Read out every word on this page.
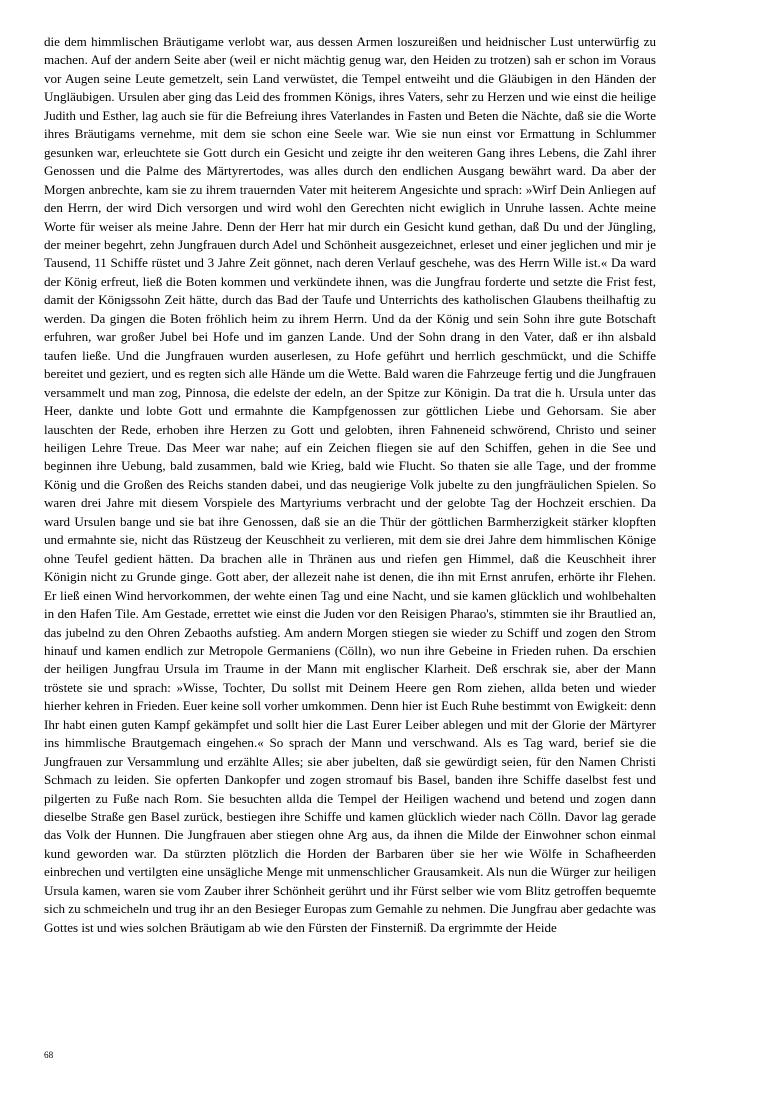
die dem himmlischen Bräutigame verlobt war, aus dessen Armen loszureißen und heidnischer Lust unterwürfig zu machen. Auf der andern Seite aber (weil er nicht mächtig genug war, den Heiden zu trotzen) sah er schon im Voraus vor Augen seine Leute gemetzelt, sein Land verwüstet, die Tempel entweiht und die Gläubigen in den Händen der Ungläubigen. Ursulen aber ging das Leid des frommen Königs, ihres Vaters, sehr zu Herzen und wie einst die heilige Judith und Esther, lag auch sie für die Befreiung ihres Vaterlandes in Fasten und Beten die Nächte, daß sie die Worte ihres Bräutigams vernehme, mit dem sie schon eine Seele war. Wie sie nun einst vor Ermattung in Schlummer gesunken war, erleuchtete sie Gott durch ein Gesicht und zeigte ihr den weiteren Gang ihres Lebens, die Zahl ihrer Genossen und die Palme des Märtyrertodes, was alles durch den endlichen Ausgang bewährt ward. Da aber der Morgen anbrechte, kam sie zu ihrem trauernden Vater mit heiterem Angesichte und sprach: »Wirf Dein Anliegen auf den Herrn, der wird Dich versorgen und wird wohl den Gerechten nicht ewiglich in Unruhe lassen. Achte meine Worte für weiser als meine Jahre. Denn der Herr hat mir durch ein Gesicht kund gethan, daß Du und der Jüngling, der meiner begehrt, zehn Jungfrauen durch Adel und Schönheit ausgezeichnet, erleset und einer jeglichen und mir je Tausend, 11 Schiffe rüstet und 3 Jahre Zeit gönnet, nach deren Verlauf geschehe, was des Herrn Wille ist.« Da ward der König erfreut, ließ die Boten kommen und verkündete ihnen, was die Jungfrau forderte und setzte die Frist fest, damit der Königssohn Zeit hätte, durch das Bad der Taufe und Unterrichts des katholischen Glaubens theilhaftig zu werden. Da gingen die Boten fröhlich heim zu ihrem Herrn. Und da der König und sein Sohn ihre gute Botschaft erfuhren, war großer Jubel bei Hofe und im ganzen Lande. Und der Sohn drang in den Vater, daß er ihn alsbald taufen ließe. Und die Jungfrauen wurden auserlesen, zu Hofe geführt und herrlich geschmückt, und die Schiffe bereitet und geziert, und es regten sich alle Hände um die Wette. Bald waren die Fahrzeuge fertig und die Jungfrauen versammelt und man zog, Pinnosa, die edelste der edeln, an der Spitze zur Königin. Da trat die h. Ursula unter das Heer, dankte und lobte Gott und ermahnte die Kampfgenossen zur göttlichen Liebe und Gehorsam. Sie aber lauschten der Rede, erhoben ihre Herzen zu Gott und gelobten, ihren Fahneneid schwörend, Christo und seiner heiligen Lehre Treue. Das Meer war nahe; auf ein Zeichen fliegen sie auf den Schiffen, gehen in die See und beginnen ihre Uebung, bald zusammen, bald wie Krieg, bald wie Flucht. So thaten sie alle Tage, und der fromme König und die Großen des Reichs standen dabei, und das neugierige Volk jubelte zu den jungfräulichen Spielen. So waren drei Jahre mit diesem Vorspiele des Martyriums verbracht und der gelobte Tag der Hochzeit erschien. Da ward Ursulen bange und sie bat ihre Genossen, daß sie an die Thür der göttlichen Barmherzigkeit stärker klopften und ermahnte sie, nicht das Rüstzeug der Keuschheit zu verlieren, mit dem sie drei Jahre dem himmlischen Könige ohne Teufel gedient hätten. Da brachen alle in Thränen aus und riefen gen Himmel, daß die Keuschheit ihrer Königin nicht zu Grunde ginge. Gott aber, der allezeit nahe ist denen, die ihn mit Ernst anrufen, erhörte ihr Flehen. Er ließ einen Wind hervorkommen, der wehte einen Tag und eine Nacht, und sie kamen glücklich und wohlbehalten in den Hafen Tile. Am Gestade, errettet wie einst die Juden vor den Reisigen Pharao's, stimmten sie ihr Brautlied an, das jubelnd zu den Ohren Zebaoths aufstieg. Am andern Morgen stiegen sie wieder zu Schiff und zogen den Strom hinauf und kamen endlich zur Metropole Germaniens (Cölln), wo nun ihre Gebeine in Frieden ruhen. Da erschien der heiligen Jungfrau Ursula im Traume in der Mann mit englischer Klarheit. Deß erschrak sie, aber der Mann tröstete sie und sprach: »Wisse, Tochter, Du sollst mit Deinem Heere gen Rom ziehen, allda beten und wieder hierher kehren in Frieden. Euer keine soll vorher umkommen. Denn hier ist Euch Ruhe bestimmt von Ewigkeit: denn Ihr habt einen guten Kampf gekämpfet und sollt hier die Last Eurer Leiber ablegen und mit der Glorie der Märtyrer ins himmlische Brautgemach eingehen.« So sprach der Mann und verschwand. Als es Tag ward, berief sie die Jungfrauen zur Versammlung und erzählte Alles; sie aber jubelten, daß sie gewürdigt seien, für den Namen Christi Schmach zu leiden. Sie opferten Dankopfer und zogen stromauf bis Basel, banden ihre Schiffe daselbst fest und pilgerten zu Fuße nach Rom. Sie besuchten allda die Tempel der Heiligen wachend und betend und zogen dann dieselbe Straße gen Basel zurück, bestiegen ihre Schiffe und kamen glücklich wieder nach Cölln. Davor lag gerade das Volk der Hunnen. Die Jungfrauen aber stiegen ohne Arg aus, da ihnen die Milde der Einwohner schon einmal kund geworden war. Da stürzten plötzlich die Horden der Barbaren über sie her wie Wölfe in Schafheerden einbrechen und vertilgten eine unsägliche Menge mit unmenschlicher Grausamkeit. Als nun die Würger zur heiligen Ursula kamen, waren sie vom Zauber ihrer Schönheit gerührt und ihr Fürst selber wie vom Blitz getroffen bequemte sich zu schmeicheln und trug ihr an den Besieger Europas zum Gemahle zu nehmen. Die Jungfrau aber gedachte was Gottes ist und wies solchen Bräutigam ab wie den Fürsten der Finsterniß. Da ergrimmte der Heide

68
